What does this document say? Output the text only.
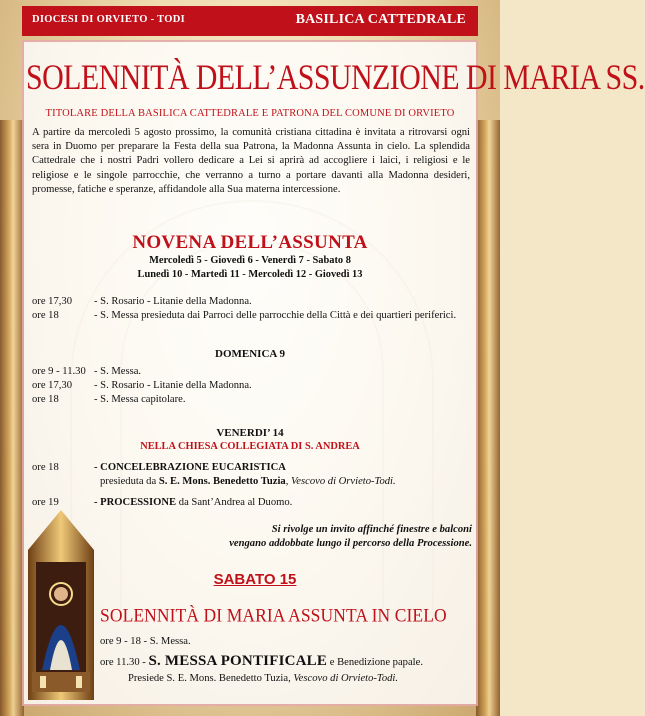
DIOCESI DI ORVIETO - TODI	BASILICA CATTEDRALE
SOLENNITÀ DELL’ASSUNZIONE DI MARIA SS.
TITOLARE DELLA BASILICA CATTEDRALE E PATRONA DEL COMUNE DI ORVIETO
A partire da mercoledì 5 agosto prossimo, la comunità cristiana cittadina è invitata a ritrovarsi ogni sera in Duomo per preparare la Festa della sua Patrona, la Madonna Assunta in cielo. La splendida Cattedrale che i nostri Padri vollero dedicare a Lei si aprirà ad accogliere i laici, i religiosi e le religiose e le singole parrocchie, che verranno a turno a portare davanti alla Madonna desideri, promesse, fatiche e speranze, affidandole alla Sua materna intercessione.
NOVENA DELL’ASSUNTA
Mercoledì 5 - Giovedì 6 - Venerdì 7 - Sabato 8
Lunedì 10 - Martedì 11 - Mercoledì 12 - Giovedì 13
ore 17,30	- S. Rosario - Litanie della Madonna.
ore 18	- S. Messa presieduta dai Parroci delle parrocchie della Città e dei quartieri periferici.
DOMENICA 9
ore 9 - 11.30 - S. Messa.
ore 17,30	- S. Rosario - Litanie della Madonna.
ore 18	- S. Messa capitolare.
VENERDI’ 14
NELLA CHIESA COLLEGIATA DI S. ANDREA
ore 18	- CONCELEBRAZIONE EUCARISTICA
presieduta da S. E. Mons. Benedetto Tuzia, Vescovo di Orvieto-Todi.
ore 19	- PROCESSIONE da Sant’Andrea al Duomo.
Si rivolge un invito affinché finestre e balconi
vengano addobbate lungo il percorso della Processione.
SABATO 15
SOLENNITÀ DI MARIA ASSUNTA IN CIELO
ore 9 - 18 - S. Messa.
ore 11.30 - S. MESSA PONTIFICALE e Benedizione papale.
Presiede S. E. Mons. Benedetto Tuzia, Vescovo di Orvieto-Todi.
